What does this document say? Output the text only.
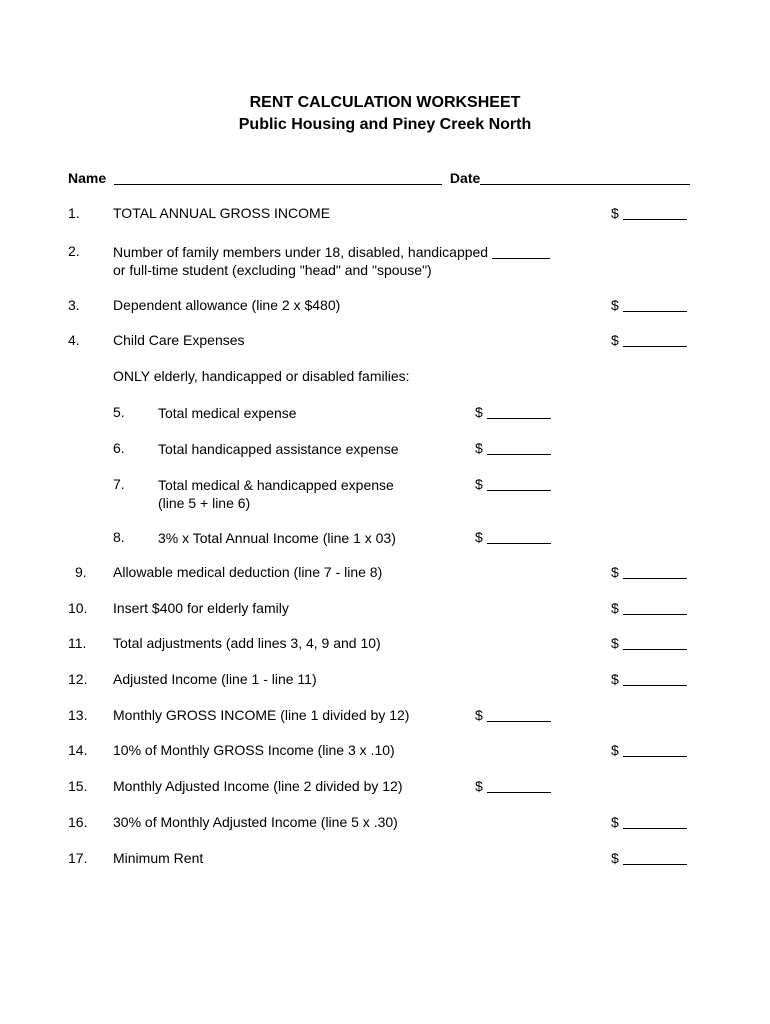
RENT CALCULATION WORKSHEET
Public Housing and Piney Creek North
Name	Date
1. TOTAL ANNUAL GROSS INCOME	$
2. Number of family members under 18, disabled, handicapped
or full-time student (excluding "head" and "spouse")
3. Dependent allowance (line 2 x $480)	$
4. Child Care Expenses	$
ONLY elderly, handicapped or disabled families:
5. Total medical expense	$
6. Total handicapped assistance expense	$
7. Total medical & handicapped expense
(line 5 + line 6)
$
8. 3% x Total Annual Income (line 1 x 03)	$
9. Allowable medical deduction (line 7 - line 8)	$
10. Insert $400 for elderly family	$
11. Total adjustments (add lines 3, 4, 9 and 10)	$
12. Adjusted Income (line 1 - line 11)	$
13. Monthly GROSS INCOME (line 1 divided by 12)	$
14. 10% of Monthly GROSS Income (line 3 x .10)	$
15. Monthly Adjusted Income (line 2 divided by 12)	$
16. 30% of Monthly Adjusted Income (line 5 x .30)	$
17. Minimum Rent	$
